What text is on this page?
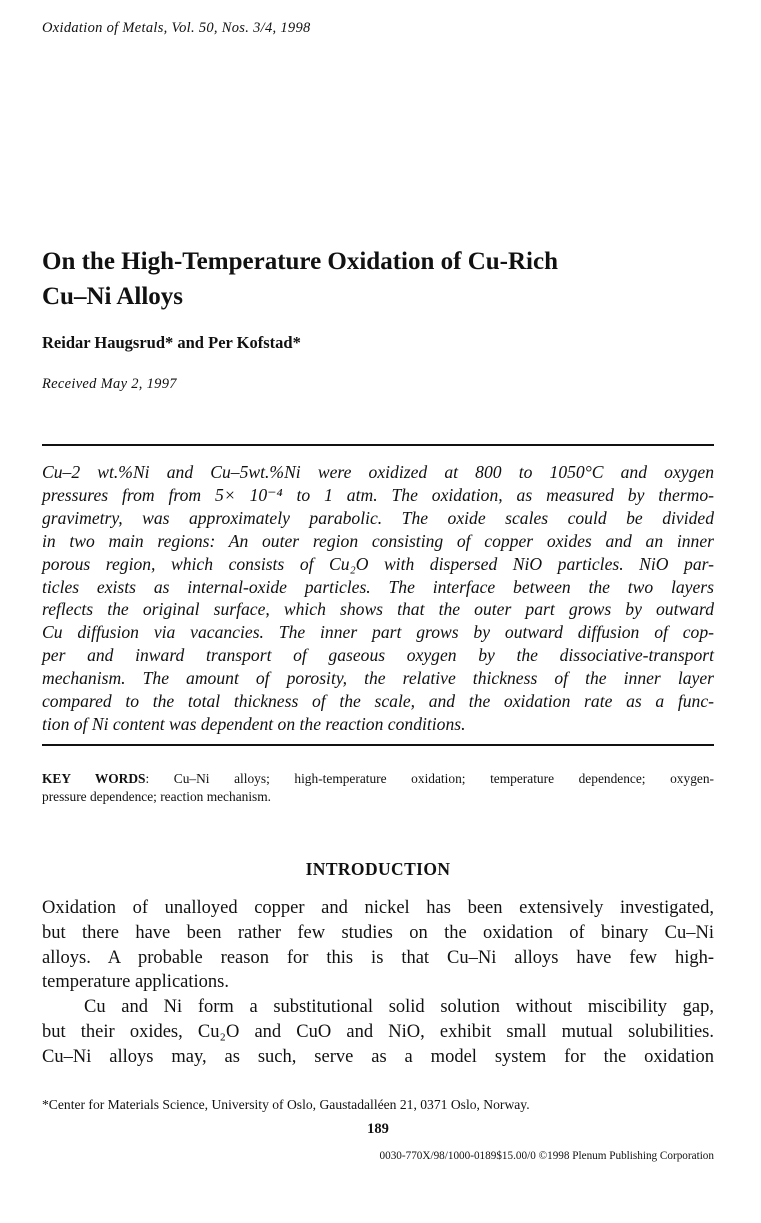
Oxidation of Metals, Vol. 50, Nos. 3/4, 1998
On the High-Temperature Oxidation of Cu-Rich
Cu–Ni Alloys
Reidar Haugsrud* and Per Kofstad*
Received May 2, 1997
Cu–2 wt.%Ni and Cu–5wt.%Ni were oxidized at 800 to 1050°C and oxygen
pressures from from 5× 10⁻⁴ to 1 atm. The oxidation, as measured by thermo-
gravimetry, was approximately parabolic. The oxide scales could be divided
in two main regions: An outer region consisting of copper oxides and an inner
porous region, which consists of Cu₂O with dispersed NiO particles. NiO par-
ticles exists as internal-oxide particles. The interface between the two layers
reflects the original surface, which shows that the outer part grows by outward
Cu diffusion via vacancies. The inner part grows by outward diffusion of cop-
per and inward transport of gaseous oxygen by the dissociative-transport
mechanism. The amount of porosity, the relative thickness of the inner layer
compared to the total thickness of the scale, and the oxidation rate as a func-
tion of Ni content was dependent on the reaction conditions.
KEY WORDS: Cu–Ni alloys; high-temperature oxidation; temperature dependence; oxygen-
pressure dependence; reaction mechanism.
INTRODUCTION
Oxidation of unalloyed copper and nickel has been extensively investigated,
but there have been rather few studies on the oxidation of binary Cu–Ni
alloys. A probable reason for this is that Cu–Ni alloys have few high-
temperature applications.
Cu and Ni form a substitutional solid solution without miscibility gap,
but their oxides, Cu₂O and CuO and NiO, exhibit small mutual solubilities.
Cu–Ni alloys may, as such, serve as a model system for the oxidation
*Center for Materials Science, University of Oslo, Gaustadalléen 21, 0371 Oslo, Norway.
189
0030-770X/98/1000-0189$15.00/0 ©1998 Plenum Publishing Corporation
